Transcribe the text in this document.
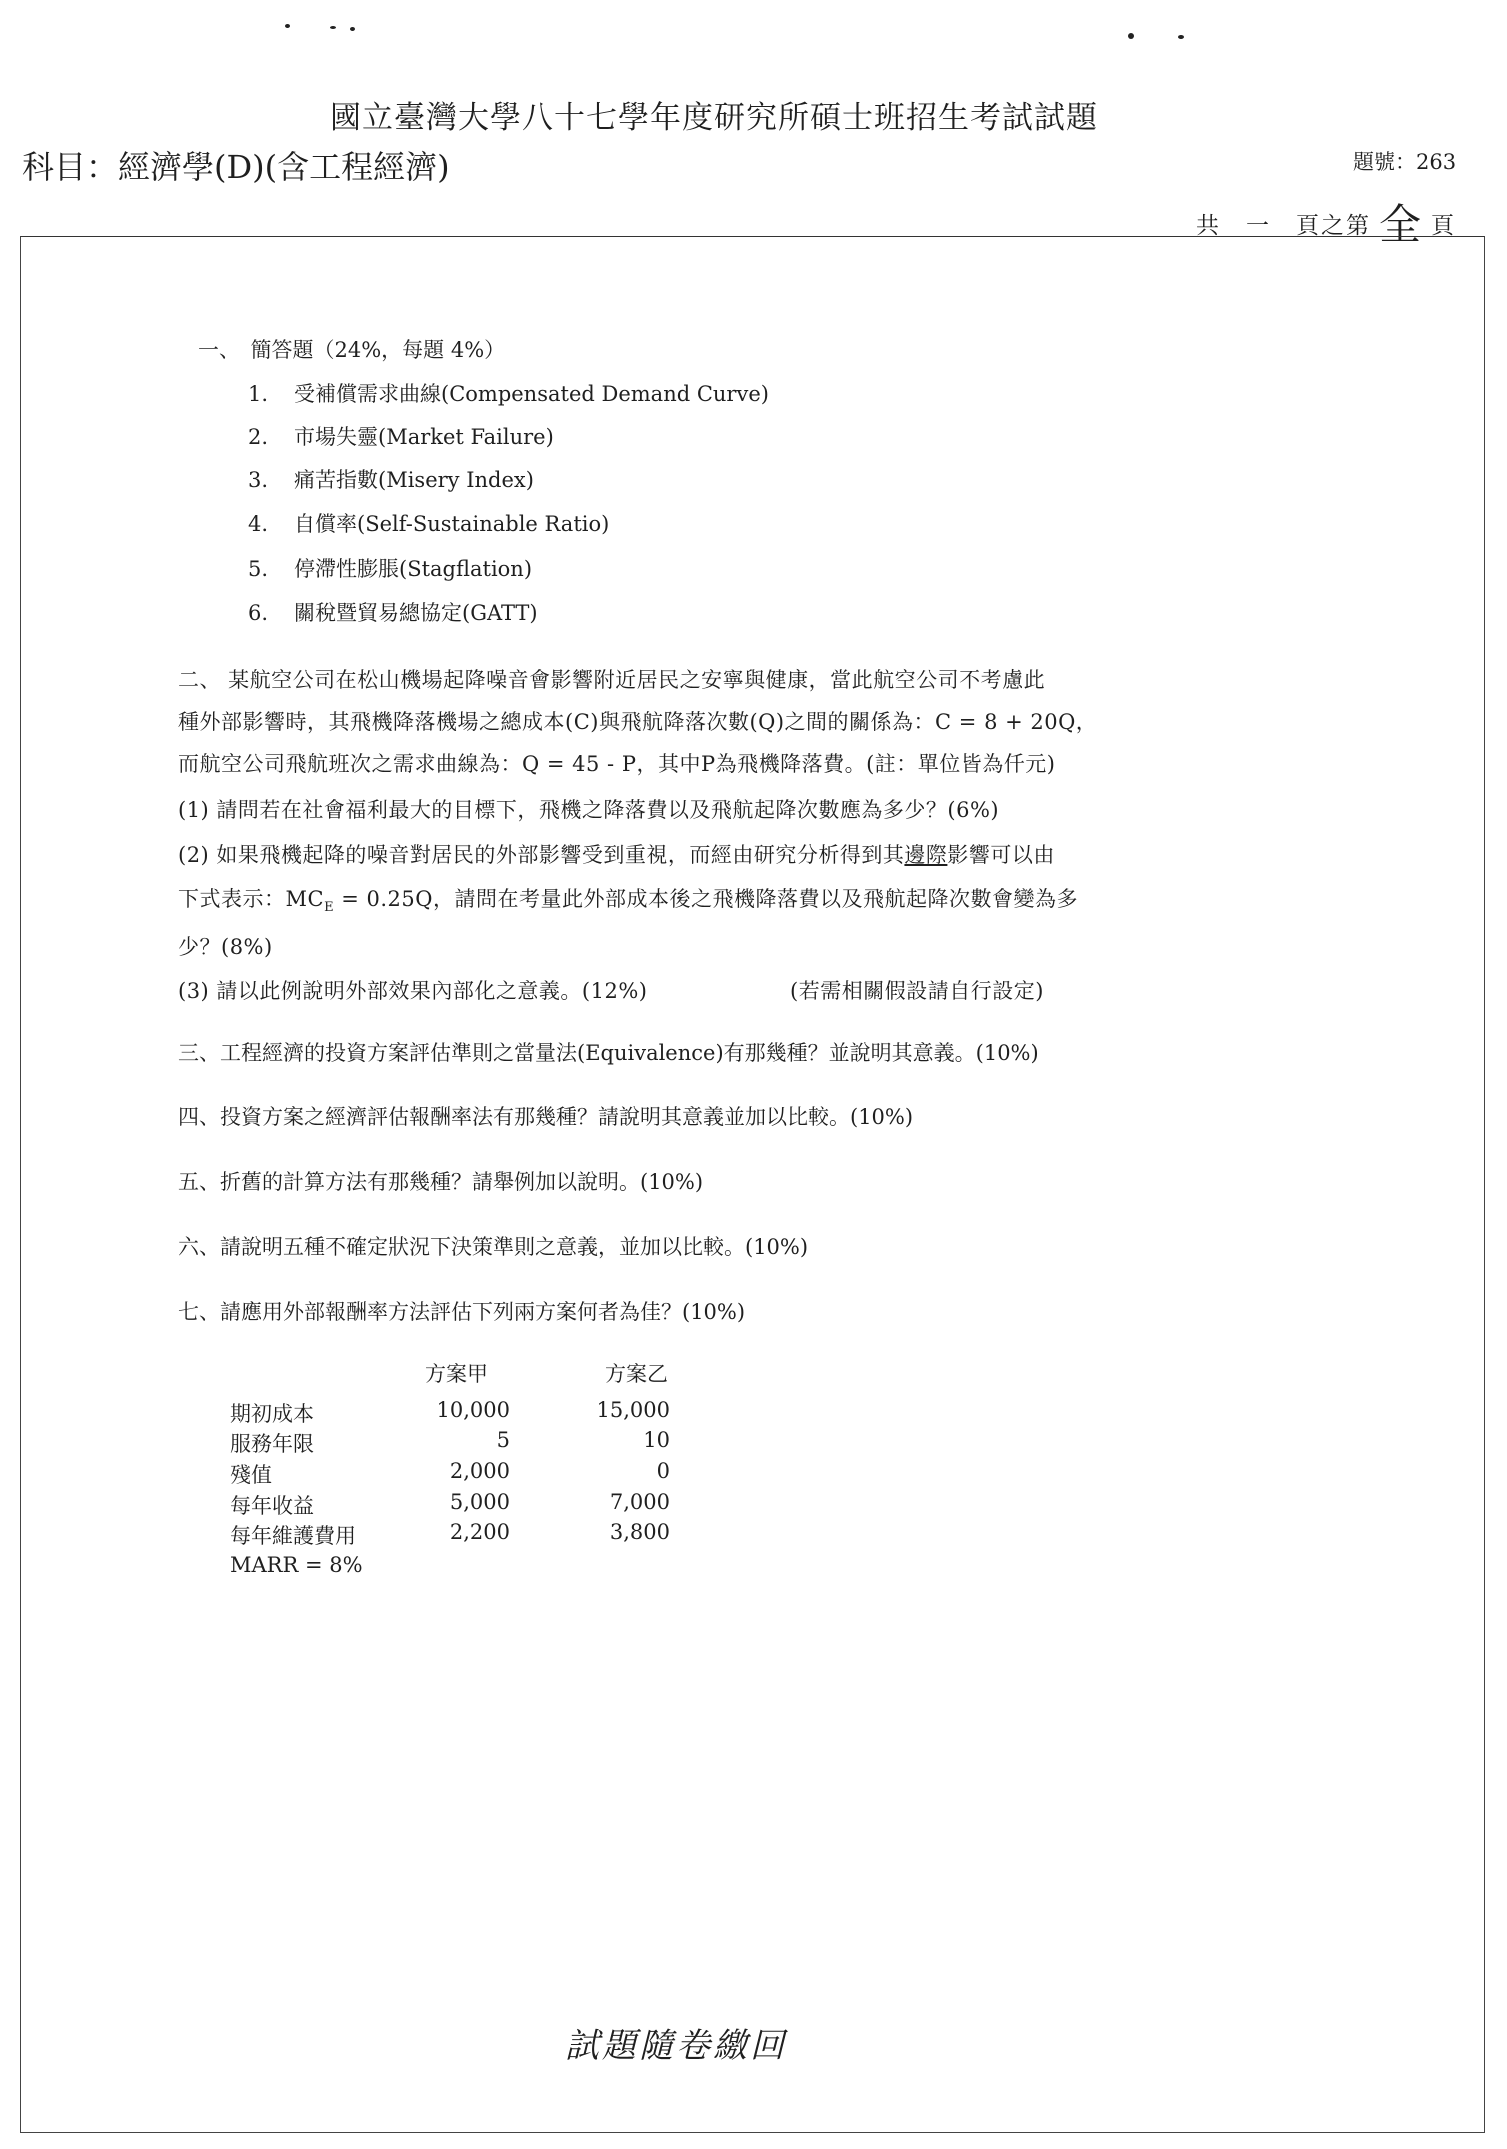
國立臺灣大學八十七學年度研究所碩士班招生考試試題
科目：經濟學(D)(含工程經濟)	題號：263
共　一　頁之第 全 頁
一、　簡答題（24%，每題 4%）
1. 受補償需求曲線(Compensated Demand Curve)
2. 市場失靈(Market Failure)
3. 痛苦指數(Misery Index)
4. 自償率(Self-Sustainable Ratio)
5. 停滯性膨脹(Stagflation)
6. 關稅暨貿易總協定(GATT)
二、 某航空公司在松山機場起降噪音會影響附近居民之安寧與健康，當此航空公司不考慮此
種外部影響時，其飛機降落機場之總成本(C)與飛航降落次數(Q)之間的關係為：C = 8 + 20Q，
而航空公司飛航班次之需求曲線為：Q = 45 - P，其中P為飛機降落費。(註：單位皆為仟元)
(1) 請問若在社會福利最大的目標下，飛機之降落費以及飛航起降次數應為多少？(6%)
(2) 如果飛機起降的噪音對居民的外部影響受到重視，而經由研究分析得到其邊際影響可以由
下式表示：$MC_E = 0.25Q$，請問在考量此外部成本後之飛機降落費以及飛航起降次數會變為多
少？(8%)
(3) 請以此例說明外部效果內部化之意義。(12%)	(若需相關假設請自行設定)
三、工程經濟的投資方案評估準則之當量法(Equivalence)有那幾種？並說明其意義。(10%)
四、投資方案之經濟評估報酬率法有那幾種？請說明其意義並加以比較。(10%)
五、折舊的計算方法有那幾種？請舉例加以說明。(10%)
六、請說明五種不確定狀況下決策準則之意義，並加以比較。(10%)
七、請應用外部報酬率方法評估下列兩方案何者為佳？(10%)
方案甲	方案乙
期初成本	10,000	15,000
服務年限	5	10
殘值	2,000	0
每年收益	5,000	7,000
每年維護費用	2,200	3,800
MARR = 8%
試題隨卷繳回
